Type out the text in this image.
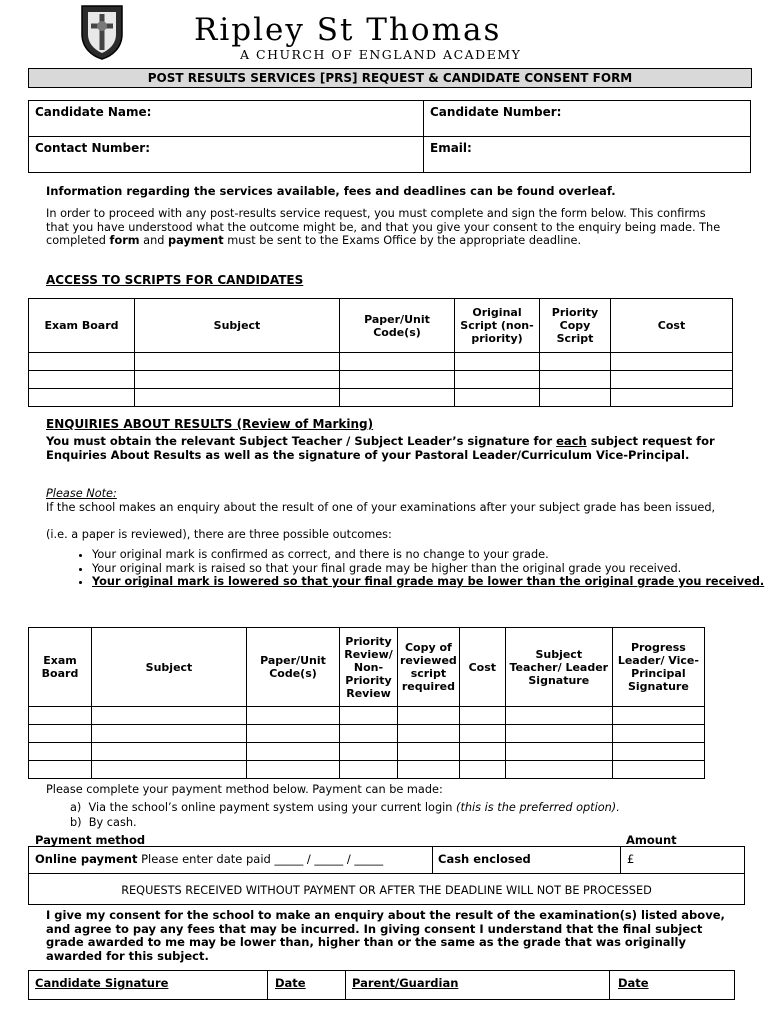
Ripley St Thomas
A CHURCH OF ENGLAND ACADEMY
POST RESULTS SERVICES [PRS] REQUEST & CANDIDATE CONSENT FORM
Candidate Name:	Candidate Number:
Contact Number:	Email:
Information regarding the services available, fees and deadlines can be found overleaf.
In order to proceed with any post-results service request, you must complete and sign the form below. This confirms that you have understood what the outcome might be, and that you give your consent to the enquiry being made. The completed form and payment must be sent to the Exams Office by the appropriate deadline.
ACCESS TO SCRIPTS FOR CANDIDATES
Exam Board	Subject	Paper/Unit Code(s)	Original Script (non-priority)	Priority Copy Script	Cost

ENQUIRIES ABOUT RESULTS (Review of Marking)
You must obtain the relevant Subject Teacher / Subject Leader’s signature for each subject request for Enquiries About Results as well as the signature of your Pastoral Leader/Curriculum Vice-Principal.
Please Note:
If the school makes an enquiry about the result of one of your examinations after your subject grade has been issued,
(i.e. a paper is reviewed), there are three possible outcomes:
• Your original mark is confirmed as correct, and there is no change to your grade.
• Your original mark is raised so that your final grade may be higher than the original grade you received.
• Your original mark is lowered so that your final grade may be lower than the original grade you received.
Exam Board	Subject	Paper/Unit Code(s)	Priority Review/ Non-Priority Review	Copy of reviewed script required	Cost	Subject Teacher/ Leader Signature	Progress Leader/ Vice-Principal Signature

Please complete your payment method below. Payment can be made:
a) Via the school’s online payment system using your current login (this is the preferred option).
b) By cash.
Payment method	Amount
Online payment Please enter date paid _____ / _____ / _____	Cash enclosed	£
REQUESTS RECEIVED WITHOUT PAYMENT OR AFTER THE DEADLINE WILL NOT BE PROCESSED
I give my consent for the school to make an enquiry about the result of the examination(s) listed above, and agree to pay any fees that may be incurred. In giving consent I understand that the final subject grade awarded to me may be lower than, higher than or the same as the grade that was originally awarded for this subject.
Candidate Signature	Date	Parent/Guardian	Date
